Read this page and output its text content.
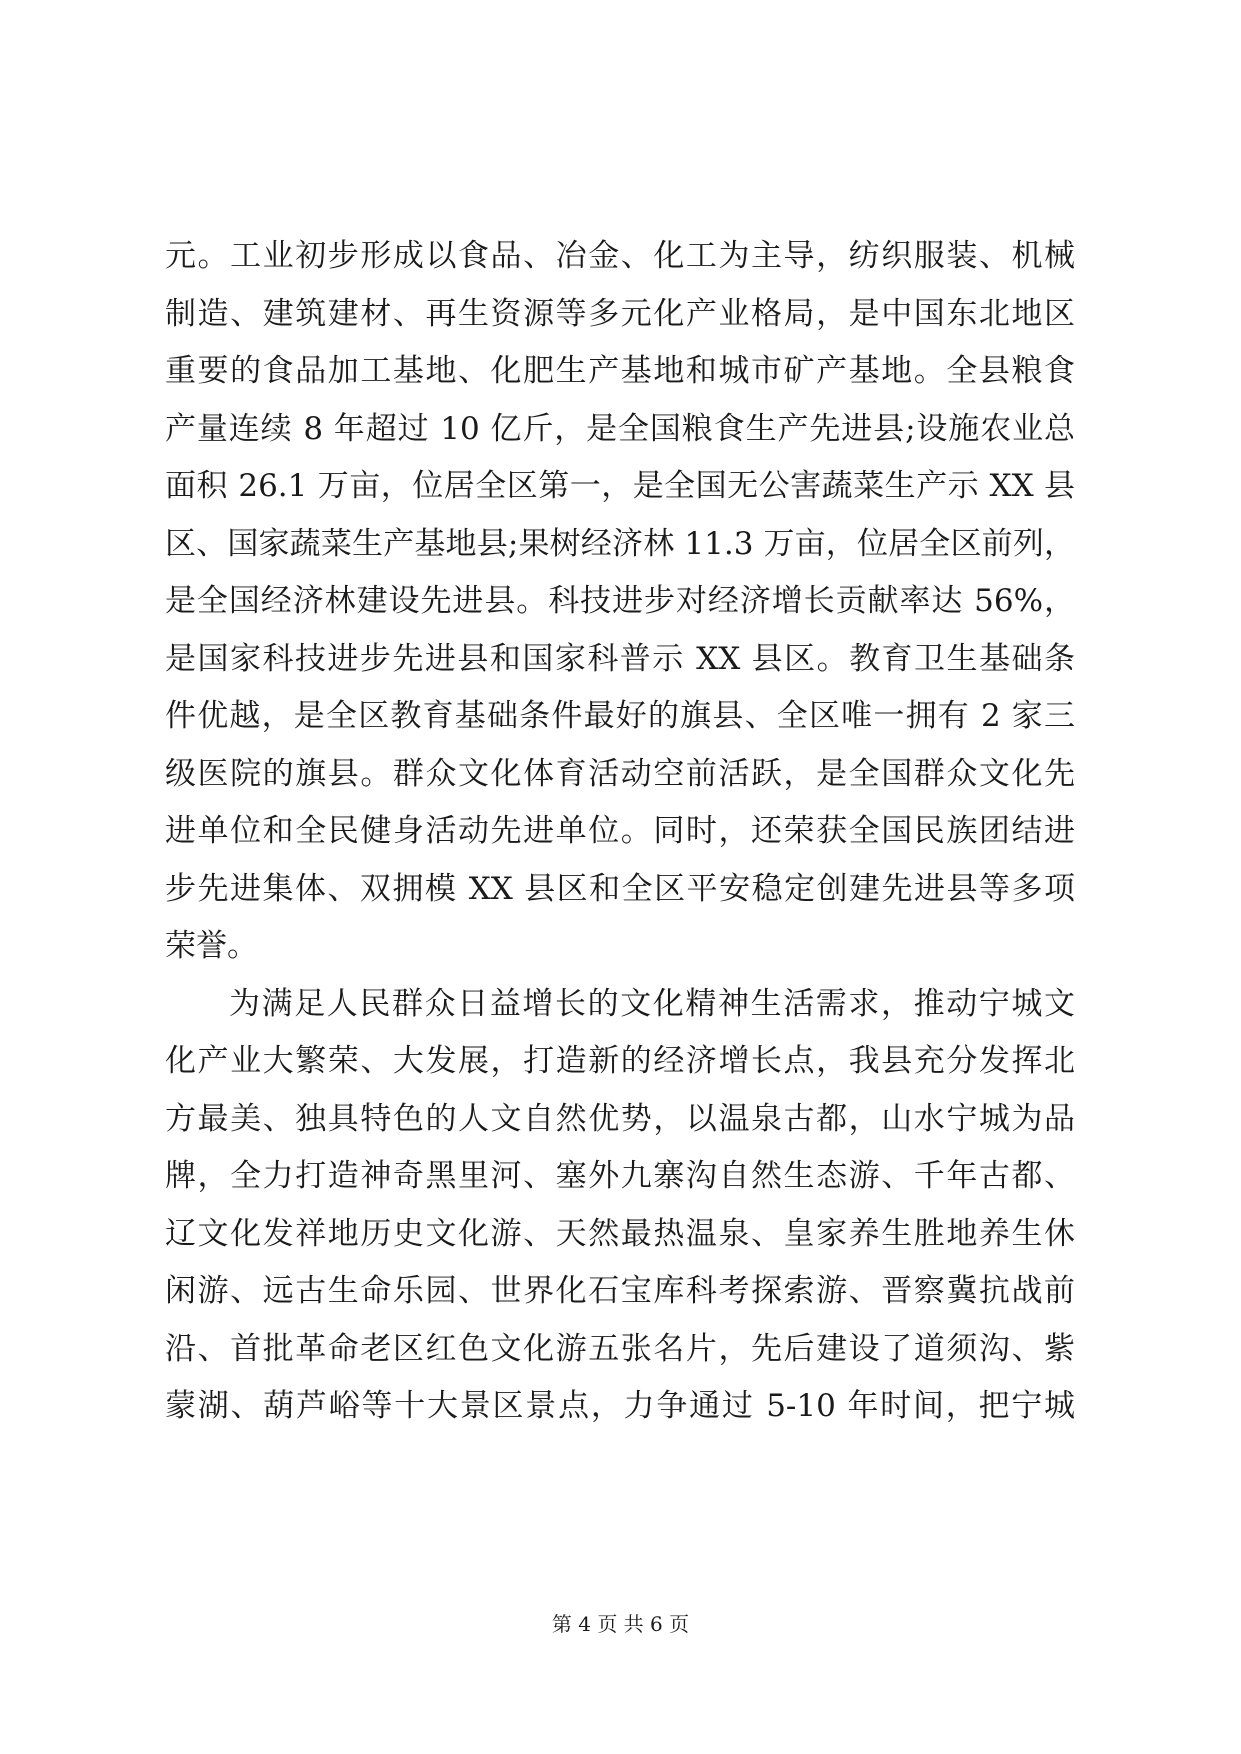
元。工业初步形成以食品、冶金、化工为主导，纺织服装、机械
制造、建筑建材、再生资源等多元化产业格局，是中国东北地区
重要的食品加工基地、化肥生产基地和城市矿产基地。全县粮食
产量连续 8 年超过 10 亿斤，是全国粮食生产先进县;设施农业总
面积 26.1 万亩，位居全区第一，是全国无公害蔬菜生产示 XX 县
区、国家蔬菜生产基地县;果树经济林 11.3 万亩，位居全区前列，
是全国经济林建设先进县。科技进步对经济增长贡献率达 56%，
是国家科技进步先进县和国家科普示 XX 县区。教育卫生基础条
件优越，是全区教育基础条件最好的旗县、全区唯一拥有 2 家三
级医院的旗县。群众文化体育活动空前活跃，是全国群众文化先
进单位和全民健身活动先进单位。同时，还荣获全国民族团结进
步先进集体、双拥模 XX 县区和全区平安稳定创建先进县等多项
荣誉。
为满足人民群众日益增长的文化精神生活需求，推动宁城文
化产业大繁荣、大发展，打造新的经济增长点，我县充分发挥北
方最美、独具特色的人文自然优势，以温泉古都，山水宁城为品
牌，全力打造神奇黑里河、塞外九寨沟自然生态游、千年古都、
辽文化发祥地历史文化游、天然最热温泉、皇家养生胜地养生休
闲游、远古生命乐园、世界化石宝库科考探索游、晋察冀抗战前
沿、首批革命老区红色文化游五张名片，先后建设了道须沟、紫
蒙湖、葫芦峪等十大景区景点，力争通过 5-10 年时间，把宁城
第 4 页 共 6 页
